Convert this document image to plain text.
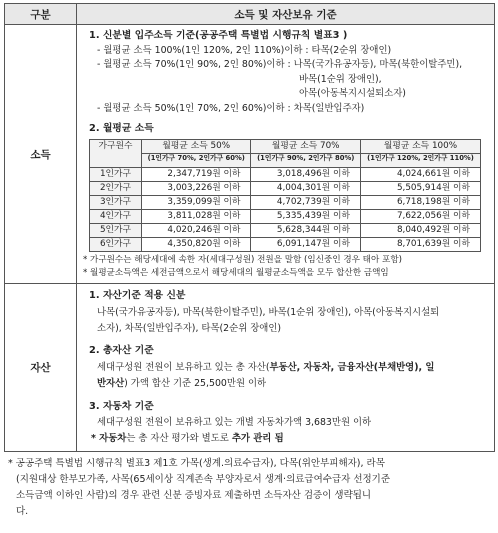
구분	소득 및 자산보유 기준
소득	
1. 신분별 입주소득 기준(공공주택 특별법 시행규칙 별표3 )
- 월평균 소득 100%(1인 120%, 2인 110%)이하 : 타목(2순위 장애인)
- 월평균 소득 70%(1인 90%, 2인 80%)이하 : 나목(국가유공자등), 마목(북한이탈주민),
바목(1순위 장애인),
아목(아동복지시설퇴소자)
- 월평균 소득 50%(1인 70%, 2인 60%)이하 : 차목(일반입주자)
2. 월평균 소득
가구원수	월평균 소득 50%	월평균 소득 70%	월평균 소득 100%
(1인가구 70%, 2인가구 60%)	(1인가구 90%, 2인가구 80%)	(1인가구 120%, 2인가구 110%)
1인가구	2,347,719원 이하	3,018,496원 이하	4,024,661원 이하
2인가구	3,003,226원 이하	4,004,301원 이하	5,505,914원 이하
3인가구	3,359,099원 이하	4,702,739원 이하	6,718,198원 이하
4인가구	3,811,028원 이하	5,335,439원 이하	7,622,056원 이하
5인가구	4,020,246원 이하	5,628,344원 이하	8,040,492원 이하
6인가구	4,350,820원 이하	6,091,147원 이하	8,701,639원 이하
* 가구원수는 해당세대에 속한 자(세대구성원) 전원을 말함 (임신중인 경우 태아 포함)
* 월평균소득액은 세전금액으로서 해당세대의 월평균소득액을 모두 합산한 금액임

자산	
1. 자산기준 적용 신분
나목(국가유공자등), 마목(북한이탈주민), 바목(1순위 장애인), 아목(아동복지시설퇴
소자), 차목(일반입주자), 타목(2순위 장애인)
2. 총자산 기준
세대구성원 전원이 보유하고 있는 총 자산(부동산, 자동차, 금융자산(부채반영), 일
반자산) 가액 합산 기준 25,500만원 이하
3. 자동차 기준
세대구성원 전원이 보유하고 있는 개별 자동차가액 3,683만원 이하
* 자동차는 총 자산 평가와 별도로 추가 관리 됨
* 공공주택 특별법 시행규칙 별표3 제1호 가목(생계.의료수급자), 다목(위안부피해자), 라목
(지원대상 한부모가족, 사목(65세이상 직계존속 부양자로서 생계·의료급여수급자 선정기준
소득금액 이하인 사람)의 경우 관련 신분 증빙자료 제출하면 소득자산 검증이 생략됩니
다.
